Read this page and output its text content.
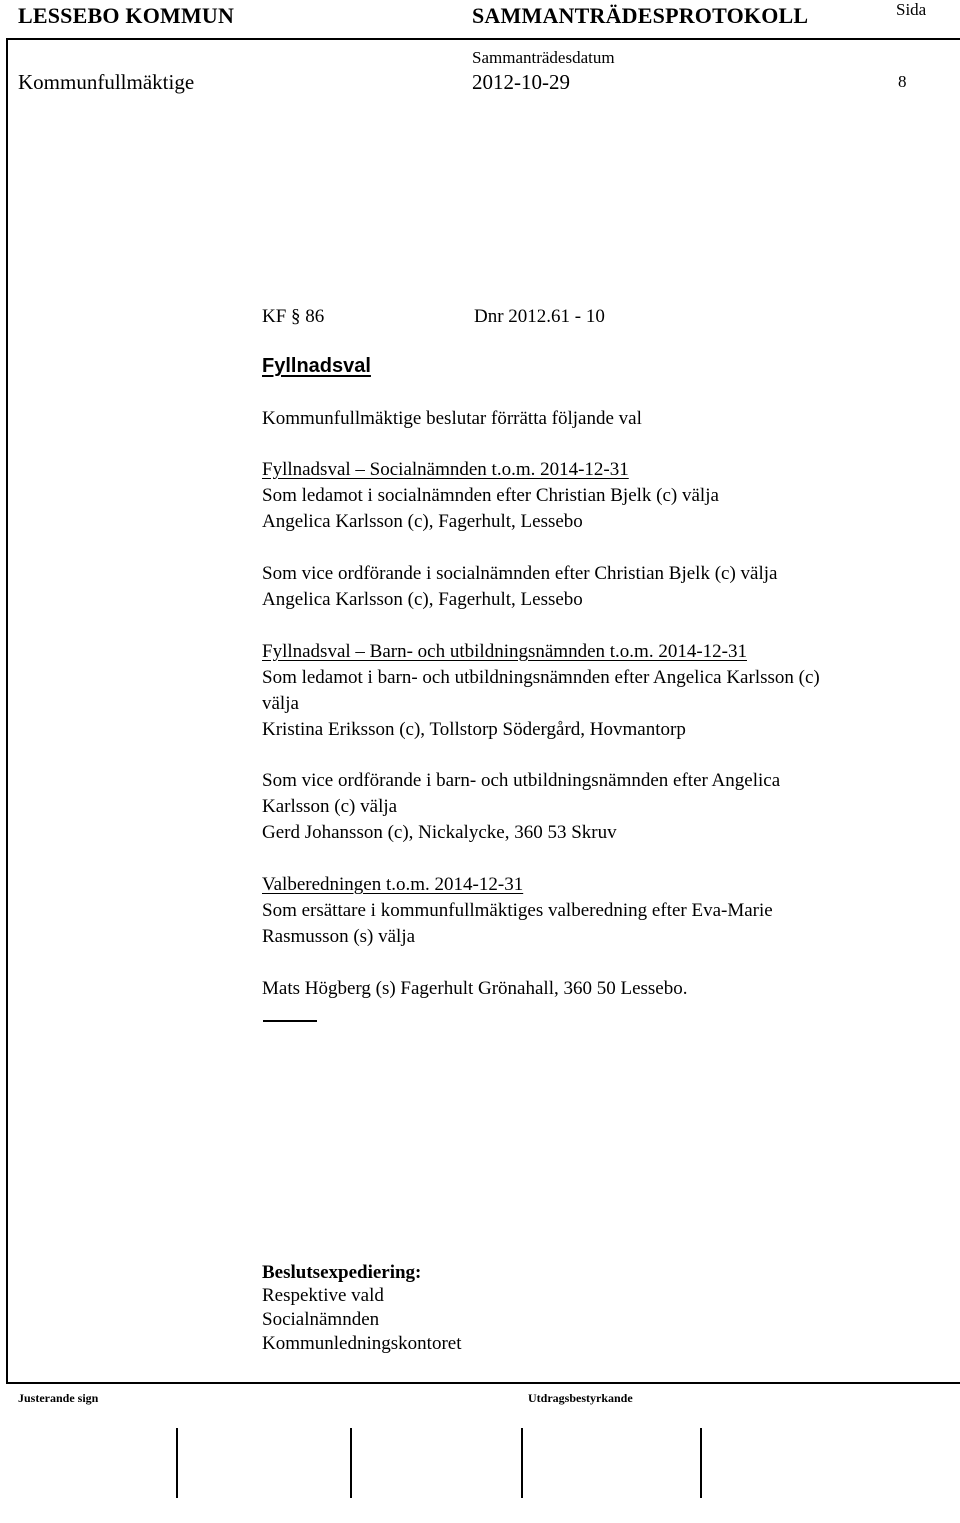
LESSEBO KOMMUN	SAMMANTRÄDESPROTOKOLL	Sida
Sammanträdesdatum
Kommunfullmäktige	2012-10-29	8
KF § 86	Dnr 2012.61 - 10
Fyllnadsval
Kommunfullmäktige beslutar förrätta följande val
Fyllnadsval – Socialnämnden t.o.m. 2014-12-31
Som ledamot i socialnämnden efter Christian Bjelk (c) välja
Angelica Karlsson (c), Fagerhult, Lessebo
Som vice ordförande i socialnämnden efter Christian Bjelk (c) välja
Angelica Karlsson (c), Fagerhult, Lessebo
Fyllnadsval – Barn- och utbildningsnämnden t.o.m. 2014-12-31
Som ledamot i barn- och utbildningsnämnden efter Angelica Karlsson (c)
välja
Kristina Eriksson (c), Tollstorp Södergård, Hovmantorp
Som vice ordförande i barn- och utbildningsnämnden efter Angelica
Karlsson (c) välja
Gerd Johansson (c), Nickalycke, 360 53 Skruv
Valberedningen t.o.m. 2014-12-31
Som ersättare i kommunfullmäktiges valberedning efter Eva-Marie
Rasmusson (s) välja
Mats Högberg (s) Fagerhult Grönahall, 360 50 Lessebo.
Beslutsexpediering:
Respektive vald
Socialnämnden
Kommunledningskontoret
Justerande sign	Utdragsbestyrkande
